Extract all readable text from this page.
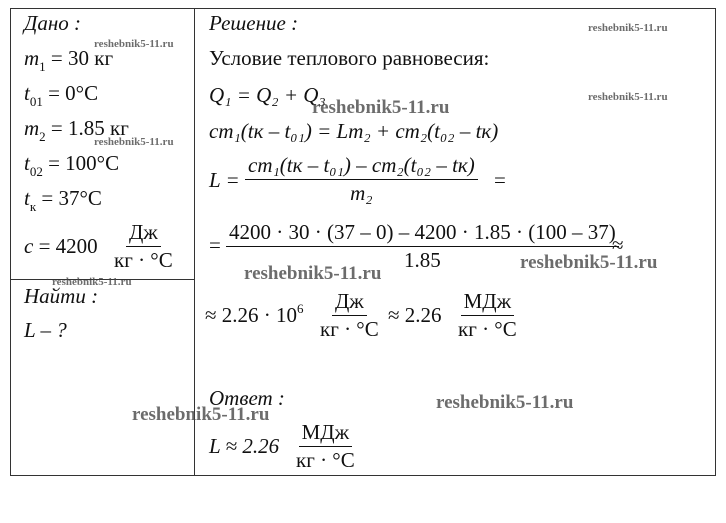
Дано :
$m_1 = 30$ кг
$t_{01} = 0^\circ C$
$m_2 = 1.85$ кг
$t_{02} = 100^\circ C$
$t_к = 37^\circ C$
c = 4200
Дж
кг · °C
Найти :
L – ?
Решение :
Условие теплового равновесия:
Q₁ = Q₂ + Q₃
cm₁(tк – t₀₁) = Lm₂ + cm₂(t₀₂ – tк)
L =
cm₁(tк – t₀₁) – cm₂(t₀₂ – tк)
m₂
=
= $\frac{4200 \cdot 30 \cdot (37 - 0) - 4200 \cdot 1.85 \cdot (100 - 37)}{1.85}$
≈
≈ $2.26 \cdot 10^6$ Дж
кг · °C
≈ 2.26
МДж
кг · °C
Ответ :
L ≈ 2.26
МДж
кг · °C
reshebnik5-11.ru
reshebnik5-11.ru
reshebnik5-11.ru
reshebnik5-11.ru
reshebnik5-11.ru
reshebnik5-11.ru
reshebnik5-11.ru
reshebnik5-11.ru
reshebnik5-11.ru
reshebnik5-11.ru
